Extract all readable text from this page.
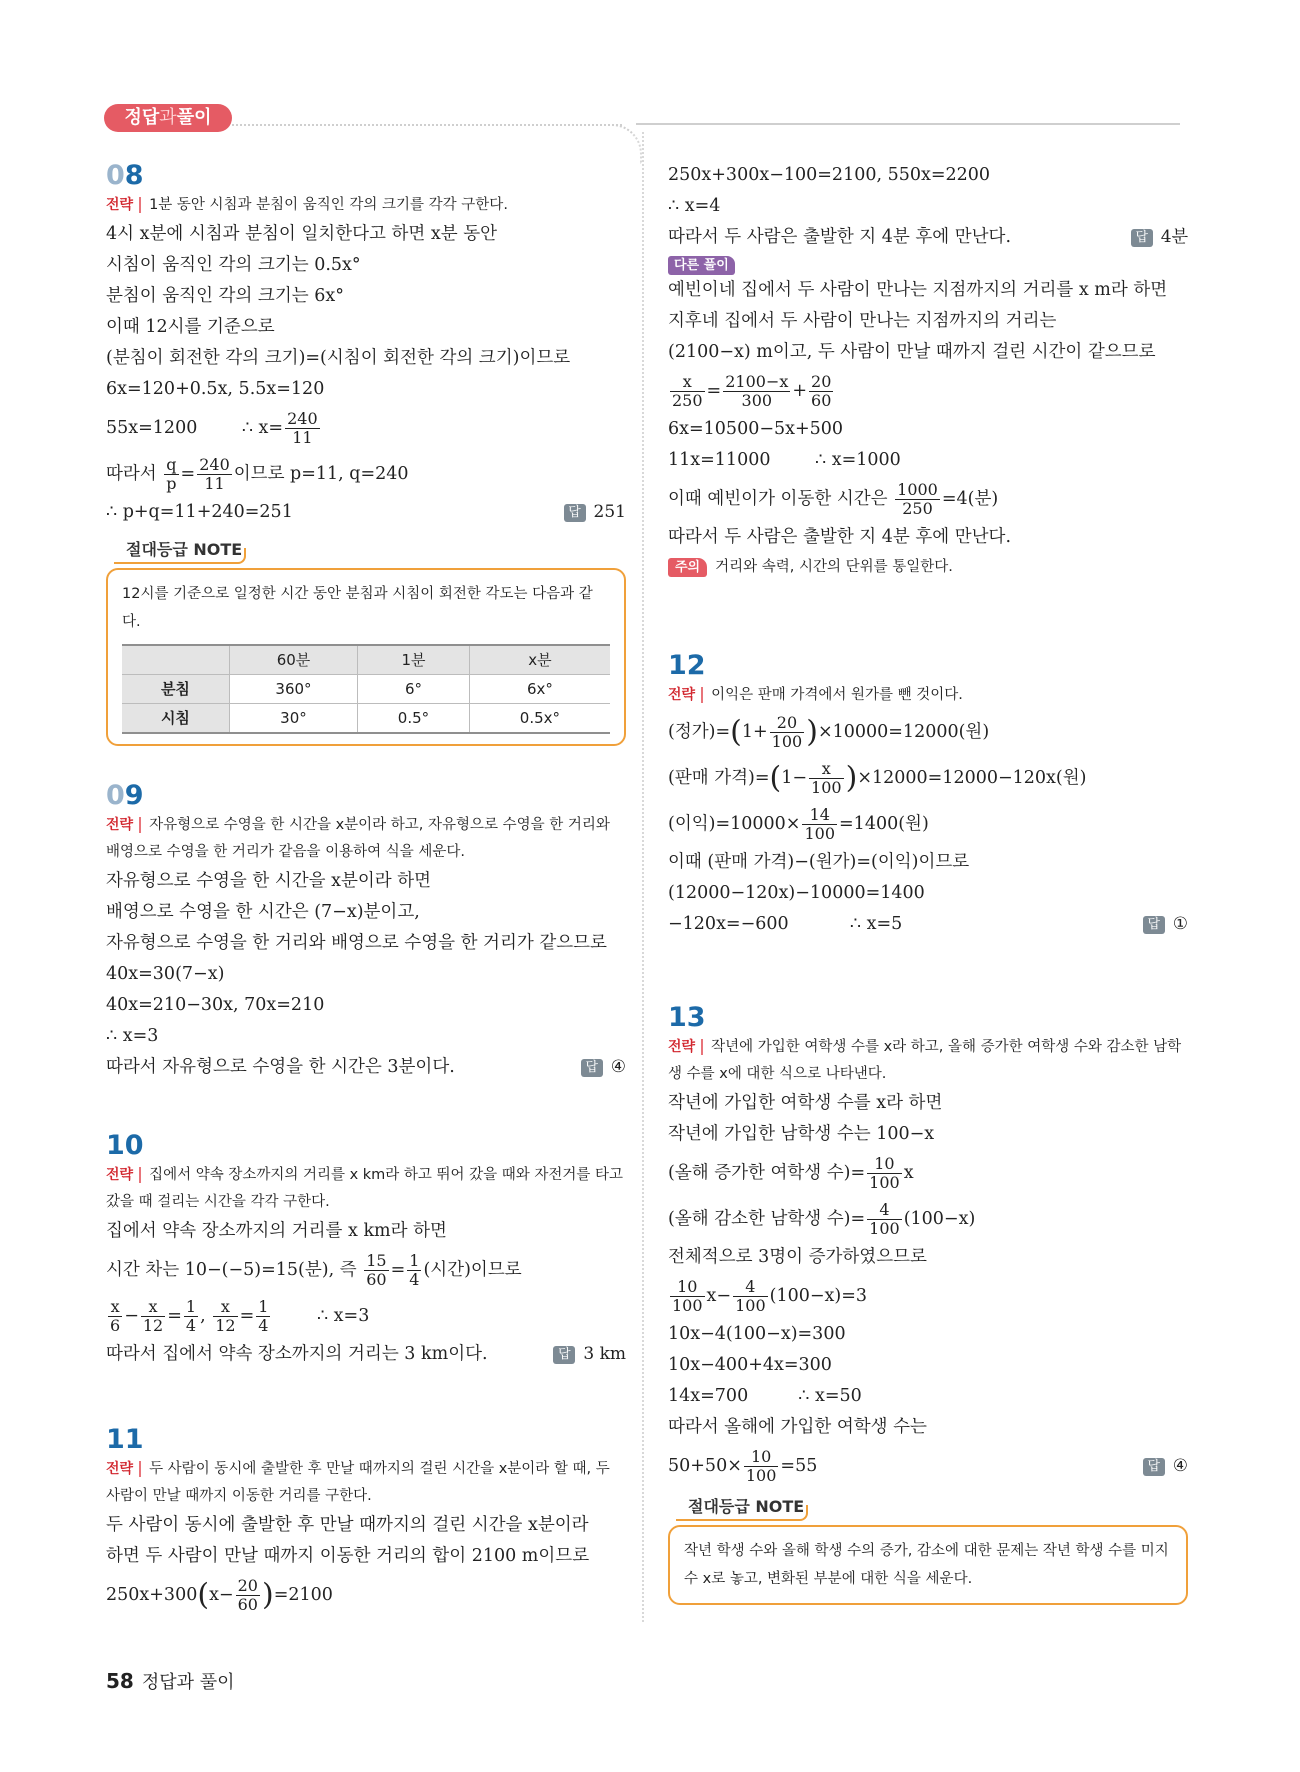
정답과풀이
08
전략 1분 동안 시침과 분침이 움직인 각의 크기를 각각 구한다.
4시 x분에 시침과 분침이 일치한다고 하면 x분 동안
시침이 움직인 각의 크기는 0.5x°
분침이 움직인 각의 크기는 6x°
이때 12시를 기준으로
(분침이 회전한 각의 크기)=(시침이 회전한 각의 크기)이므로
6x=120+0.5x, 5.5x=120
55x=1200	∴ $x= \frac{240}{11}$
따라서 $\frac{q}{p} = \frac{240}{11}$ 이므로 p=11, q=240
∴ p+q=11+240=251	답 251
절대등급 NOTE
12시를 기준으로 일정한 시간 동안 분침과 시침이 회전한 각도는 다음과 같다.
	60분	1분	x분
분침	360°	6°	6x°
시침	30°	0.5°	0.5x°
09
전략 자유형으로 수영을 한 시간을 x분이라 하고, 자유형으로 수영을 한 거리와 배영으로 수영을 한 거리가 같음을 이용하여 식을 세운다.
자유형으로 수영을 한 시간을 x분이라 하면
배영으로 수영을 한 시간은 (7−x)분이고,
자유형으로 수영을 한 거리와 배영으로 수영을 한 거리가 같으므로
40x=30(7−x)
40x=210−30x, 70x=210
∴ x=3
따라서 자유형으로 수영을 한 시간은 3분이다.	답 ④
10
전략 집에서 약속 장소까지의 거리를 x km라 하고 뛰어 갔을 때와 자전거를 타고 갔을 때 걸리는 시간을 각각 구한다.
집에서 약속 장소까지의 거리를 x km라 하면
시간 차는 10−(−5)=15(분), 즉 $\frac{15}{60} = \frac{1}{4}$ (시간)이므로
$\frac{x}{6} - \frac{x}{12} = \frac{1}{4}$ , $\frac{x}{12} = \frac{1}{4}$	∴ x=3
따라서 집에서 약속 장소까지의 거리는 3 km이다.	답 3 km
11
전략 두 사람이 동시에 출발한 후 만날 때까지의 걸린 시간을 x분이라 할 때, 두 사람이 만날 때까지 이동한 거리를 구한다.
두 사람이 동시에 출발한 후 만날 때까지의 걸린 시간을 x분이라
하면 두 사람이 만날 때까지 이동한 거리의 합이 2100 m이므로
$250x+300(x- \frac{20}{60} )=2100$
250x+300x−100=2100, 550x=2200
∴ x=4
따라서 두 사람은 출발한 지 4분 후에 만난다.	답 4분
다른 풀이
예빈이네 집에서 두 사람이 만나는 지점까지의 거리를 x m라 하면
지후네 집에서 두 사람이 만나는 지점까지의 거리는
(2100−x) m이고, 두 사람이 만날 때까지 걸린 시간이 같으므로
$\frac{x}{250} = \frac{2100-x}{300} + \frac{20}{60}$
6x=10500−5x+500
11x=11000	∴ x=1000
이때 예빈이가 이동한 시간은 $\frac{1000}{250} =4$(분)
따라서 두 사람은 출발한 지 4분 후에 만난다.
주의 거리와 속력, 시간의 단위를 통일한다.
12
전략 이익은 판매 가격에서 원가를 뺀 것이다.
(정가)$=(1+ \frac{20}{100} )\times 10000=12000$(원)
(판매 가격)$=(1- \frac{x}{100} )\times 12000=12000-120x$(원)
(이익)$=10000\times \frac{14}{100} =1400$(원)
이때 (판매 가격)−(원가)=(이익)이므로
(12000−120x)−10000=1400
−120x=−600	∴ x=5	답 ①
13
전략 작년에 가입한 여학생 수를 x라 하고, 올해 증가한 여학생 수와 감소한 남학생 수를 x에 대한 식으로 나타낸다.
작년에 가입한 여학생 수를 x라 하면
작년에 가입한 남학생 수는 100−x
(올해 증가한 여학생 수)= $\frac{10}{100}$ x
(올해 감소한 남학생 수)= $\frac{4}{100} (100-x)$
전체적으로 3명이 증가하였으므로
$\frac{10}{100} x- \frac{4}{100} (100-x)=3$
10x−4(100−x)=300
10x−400+4x=300
14x=700	∴ x=50
따라서 올해에 가입한 여학생 수는
$50+50\times \frac{10}{100} =55$	답 ④
절대등급 NOTE
작년 학생 수와 올해 학생 수의 증가, 감소에 대한 문제는 작년 학생 수를 미지수 x로 놓고, 변화된 부분에 대한 식을 세운다.
58 정답과 풀이
